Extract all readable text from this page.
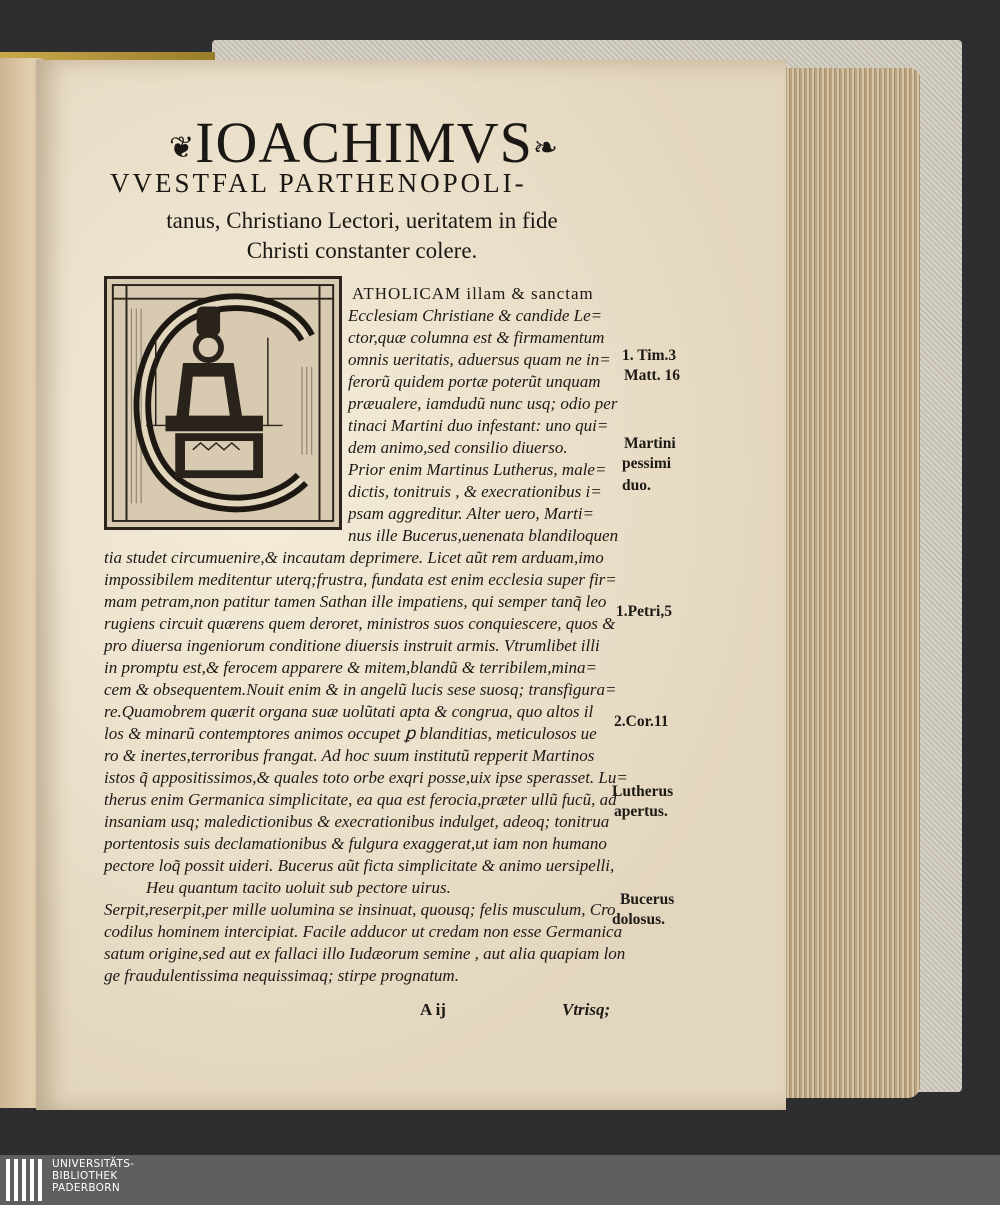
❦IOACHIMVS❧
VVESTFAL PARTHENOPOLI-
tanus, Christiano Lectori, ueritatem in fide
Christi constanter colere.
ATHOLICAM illam & sanctam
Ecclesiam Christiane & candide Le=
ctor,quæ columna est & firmamentum
omnis ueritatis, aduersus quam ne in=
ferorũ quidem portæ poterũt unquam
præualere, iamdudũ nunc usq; odio per
tinaci Martini duo infestant: uno qui=
dem animo,sed consilio diuerso.
Prior enim Martinus Lutherus, male=
dictis, tonitruis , & execrationibus i=
psam aggreditur. Alter uero, Marti=
nus ille Bucerus,uenenata blandiloquen
tia studet circumuenire,& incautam deprimere. Licet aũt rem arduam,imo
impossibilem meditentur uterq;frustra, fundata est enim ecclesia super fir=
mam petram,non patitur tamen Sathan ille impatiens, qui semper tanq̃ leo
rugiens circuit quærens quem deroret, ministros suos conquiescere, quos &
pro diuersa ingeniorum conditione diuersis instruit armis. Vtrumlibet illi
in promptu est,& ferocem apparere & mitem,blandũ & terribilem,mina=
cem & obsequentem.Nouit enim & in angelũ lucis sese suosq; transfigura=
re.Quamobrem quærit organa suæ uolũtati apta & congrua, quo altos il
los & minarũ contemptores animos occupet ꝑ blanditias, meticulosos ue
ro & inertes,terroribus frangat. Ad hoc suum institutũ repperit Martinos
istos q̃ appositissimos,& quales toto orbe exqri posse,uix ipse sperasset. Lu=
therus enim Germanica simplicitate, ea qua est ferocia,præter ullũ fucũ, ad
insaniam usq; maledictionibus & execrationibus indulget, adeoq; tonitrua
portentosis suis declamationibus & fulgura exaggerat,ut iam non humano
pectore loq̃ possit uideri. Bucerus aũt ficta simplicitate & animo uersipelli,
Heu quantum tacito uoluit sub pectore uirus.
Serpit,reserpit,per mille uolumina se insinuat, quousq; felis musculum, Cro
codilus hominem intercipiat. Facile adducor ut credam non esse Germanica
satum origine,sed aut ex fallaci illo Iudæorum semine , aut alia quapiam lon
ge fraudulentissima nequissimaq; stirpe prognatum.
1. Tim.3
Matt. 16
Martini
pessimi
duo.
1.Petri,5
2.Cor.11
Lutherus
apertus.
Bucerus
dolosus.
A ij	Vtrisq;
UNIVERSITÄTS-
BIBLIOTHEK
PADERBORN
